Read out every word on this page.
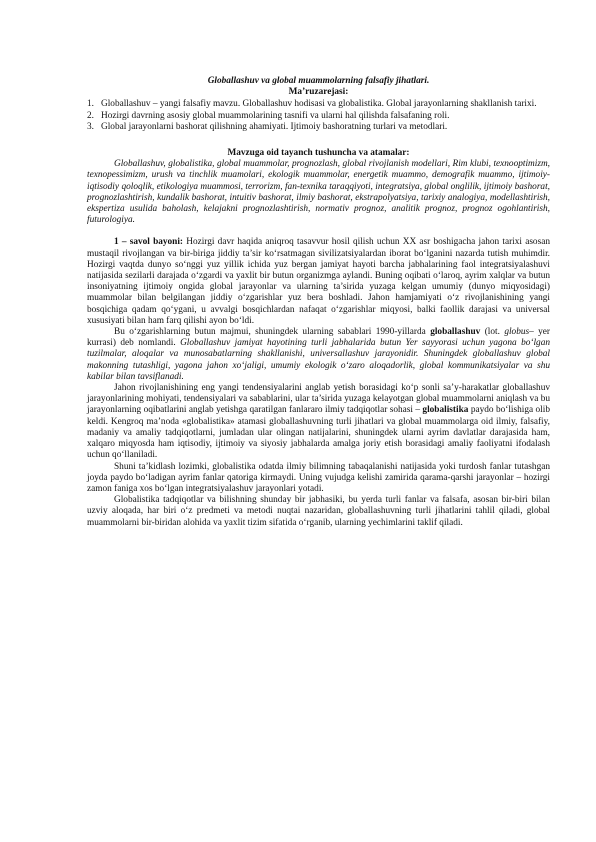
Globallashuv va global muammolarning falsafiy jihatlari.

Ma’ruzarejasi:

1. Globallashuv – yangi falsafiy mavzu. Globallashuv hodisasi va globalistika. Global jarayonlarning shakllanish tarixi.

2. Hozirgi davrning asosiy global muammolarining tasnifi va ularni hal qilishda falsafaning roli.

3. Global jarayonlarni bashorat qilishning ahamiyati. Ijtimoiy bashoratning turlari va metodlari.

Mavzuga oid tayanch tushuncha va atamalar:

Globallashuv, globalistika, global muammolar, prognozlash, global rivojlanish modellari, Rim klubi, texnooptimizm, texnopessimizm, urush va tinchlik muamolari, ekologik muammolar, energetik muammo, demografik muammo, ijtimoiy-iqtisodiy qoloqlik, etikologiya muammosi, terrorizm, fan-texnika taraqqiyoti, integratsiya, global onglilik, ijtimoiy bashorat, prognozlashtirish, kundalik bashorat, intuitiv bashorat, ilmiy bashorat, ekstrapolyatsiya, tarixiy analogiya, modellashtirish, ekspertiza usulida baholash, kelajakni prognozlashtirish, normativ prognoz, analitik prognoz, prognoz ogohlantirish, futurologiya.

1 – savol bayoni: Hozirgi davr haqida aniqroq tasavvur hosil qilish uchun XX asr boshigacha jahon tarixi asosan mustaqil rivojlangan va bir-biriga jiddiy ta’sir ko‘rsatmagan sivilizatsiyalardan iborat bo‘lganini nazarda tutish muhimdir. Hozirgi vaqtda dunyo so‘nggi yuz yillik ichida yuz bergan jamiyat hayoti barcha jabhalarining faol integratsiyalashuvi natijasida sezilarli darajada o‘zgardi va yaxlit bir butun organizmga aylandi. Buning oqibati o‘laroq, ayrim xalqlar va butun insoniyatning ijtimoiy ongida global jarayonlar va ularning ta’sirida yuzaga kelgan umumiy (dunyo miqyosidagi) muammolar bilan belgilangan jiddiy o‘zgarishlar yuz bera boshladi. Jahon hamjamiyati o‘z rivojlanishining yangi bosqichiga qadam qo‘ygani, u avvalgi bosqichlardan nafaqat o‘zgarishlar miqyosi, balki faollik darajasi va universal xususiyati bilan ham farq qilishi ayon bo‘ldi.

Bu o‘zgarishlarning butun majmui, shuningdek ularning sabablari 1990-yillarda globallashuv (lot. globus– yer kurrasi) deb nomlandi. Globallashuv jamiyat hayotining turli jabhalarida butun Yer sayyorasi uchun yagona bo‘lgan tuzilmalar, aloqalar va munosabatlarning shakllanishi, universallashuv jarayonidir. Shuningdek globallashuv global makonning tutashligi, yagona jahon xo‘jaligi, umumiy ekologik o‘zaro aloqadorlik, global kommunikatsiyalar va shu kabilar bilan tavsiflanadi.

Jahon rivojlanishining eng yangi tendensiyalarini anglab yetish borasidagi ko‘p sonli sa’y-harakatlar globallashuv jarayonlarining mohiyati, tendensiyalari va sabablarini, ular ta’sirida yuzaga kelayotgan global muammolarni aniqlash va bu jarayonlarning oqibatlarini anglab yetishga qaratilgan fanlararo ilmiy tadqiqotlar sohasi – globalistika paydo bo‘lishiga olib keldi. Kengroq ma’noda «globalistika» atamasi globallashuvning turli jihatlari va global muammolarga oid ilmiy, falsafiy, madaniy va amaliy tadqiqotlarni, jumladan ular olingan natijalarini, shuningdek ularni ayrim davlatlar darajasida ham, xalqaro miqyosda ham iqtisodiy, ijtimoiy va siyosiy jabhalarda amalga joriy etish borasidagi amaliy faoliyatni ifodalash uchun qo‘llaniladi.

Shuni ta’kidlash lozimki, globalistika odatda ilmiy bilimning tabaqalanishi natijasida yoki turdosh fanlar tutashgan joyda paydo bo‘ladigan ayrim fanlar qatoriga kirmaydi. Uning vujudga kelishi zamirida qarama-qarshi jarayonlar – hozirgi zamon faniga xos bo‘lgan integratsiyalashuv jarayonlari yotadi.

Globalistika tadqiqotlar va bilishning shunday bir jabhasiki, bu yerda turli fanlar va falsafa, asosan bir-biri bilan uzviy aloqada, har biri o‘z predmeti va metodi nuqtai nazaridan, globallashuvning turli jihatlarini tahlil qiladi, global muammolarni bir-biridan alohida va yaxlit tizim sifatida o‘rganib, ularning yechimlarini taklif qiladi.
